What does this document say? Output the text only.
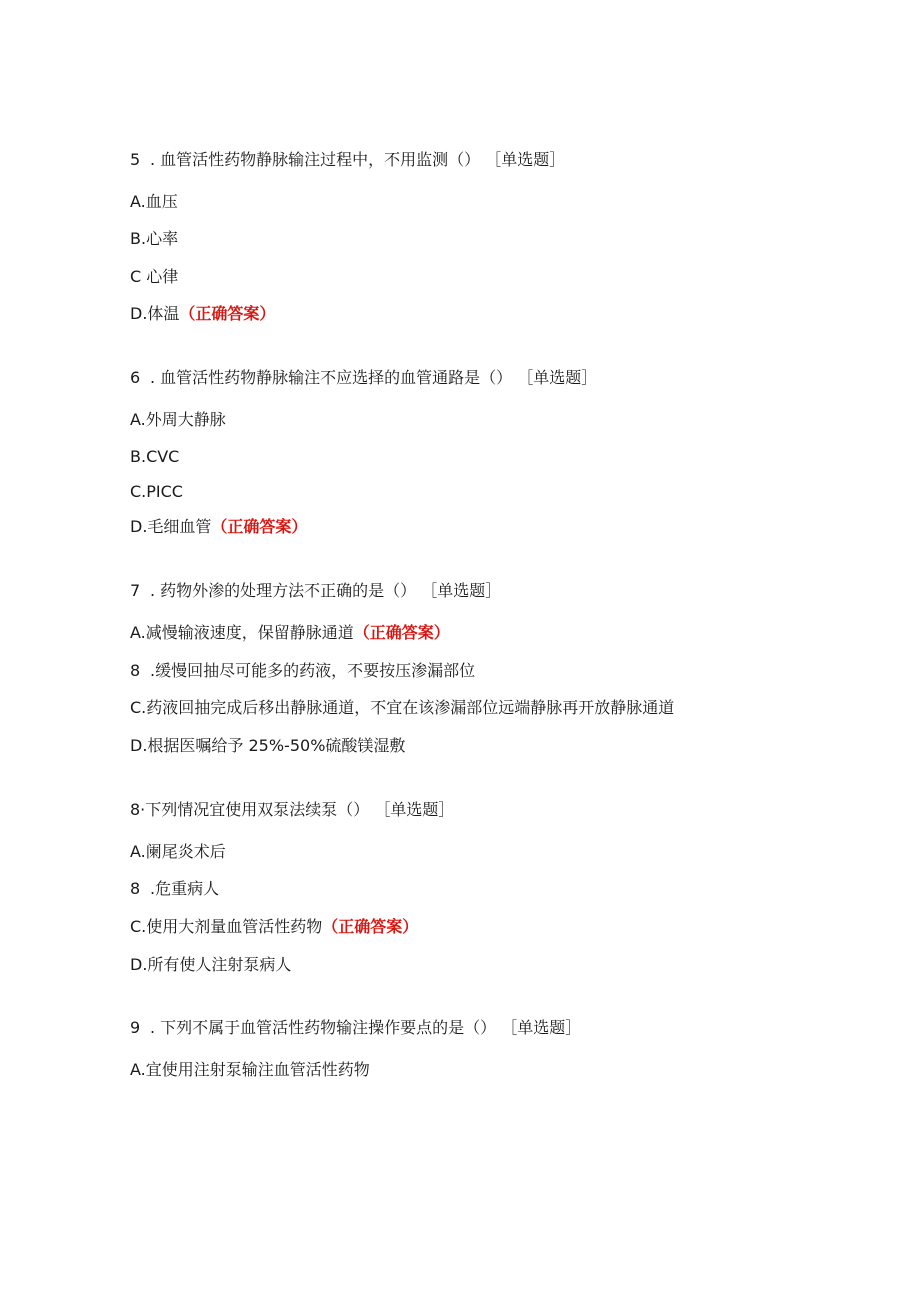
5 . 血管活性药物静脉输注过程中，不用监测（） ［单选题］
A.血压
B.心率
C 心律
D.体温（正确答案）
6 . 血管活性药物静脉输注不应选择的血管通路是（） ［单选题］
A.外周大静脉
B.CVC
C.PICC
D.毛细血管（正确答案）
7 . 药物外渗的处理方法不正确的是（） ［单选题］
A.减慢输液速度，保留静脉通道（正确答案）
8 .缓慢回抽尽可能多的药液，不要按压渗漏部位
C.药液回抽完成后移出静脉通道，不宜在该渗漏部位远端静脉再开放静脉通道
D.根据医嘱给予 25%-50%硫酸镁湿敷
8·下列情况宜使用双泵法续泵（） ［单选题］
A.阑尾炎术后
8 .危重病人
C.使用大剂量血管活性药物（正确答案）
D.所有使人注射泵病人
9 . 下列不属于血管活性药物输注操作要点的是（） ［单选题］
A.宜使用注射泵输注血管活性药物
